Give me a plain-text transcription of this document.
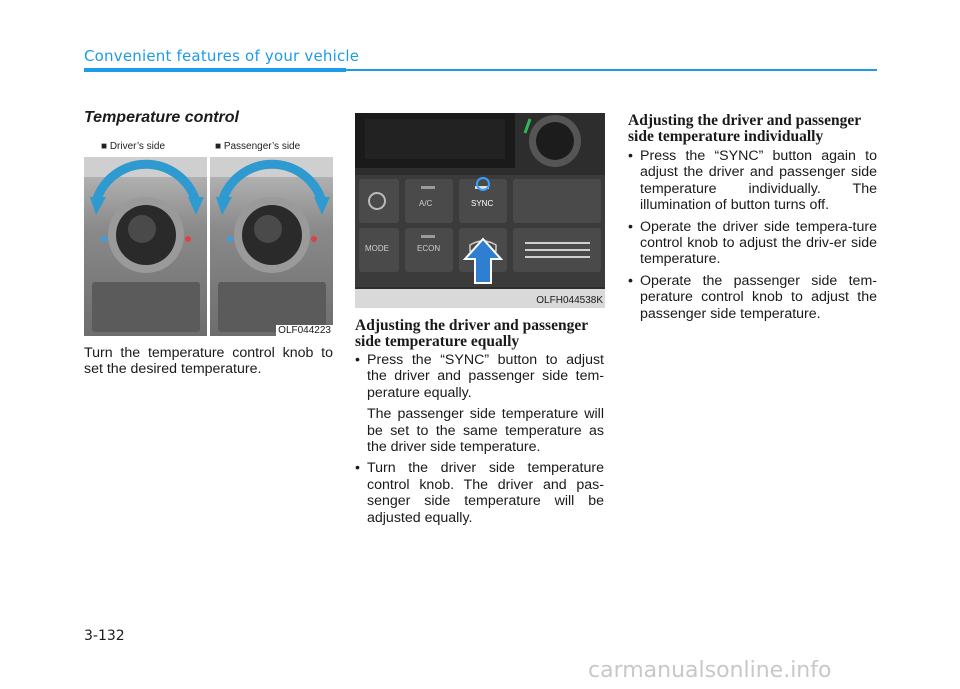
Convenient features of your vehicle
Temperature control
■ Driver’s side	■ Passenger’s side
OLF044223
Turn the temperature control knob to set the desired temperature.
A/C	SYNC
MODE	ECON
OLFH044538K
Adjusting the driver and passenger side temperature equally
• Press the “SYNC” button to adjust the driver and passenger side tem-perature equally.

The passenger side temperature will be set to the same temperature as the driver side temperature.

• Turn the driver side temperature control knob. The driver and pas-senger side temperature will be adjusted equally.
Adjusting the driver and passenger side temperature individually
• Press the “SYNC” button again to adjust the driver and passenger side temperature individually. The illumination of button turns off.
• Operate the driver side tempera-ture control knob to adjust the driv-er side temperature.
• Operate the passenger side tem-perature control knob to adjust the passenger side temperature.
3-132
carmanualsonline.info
